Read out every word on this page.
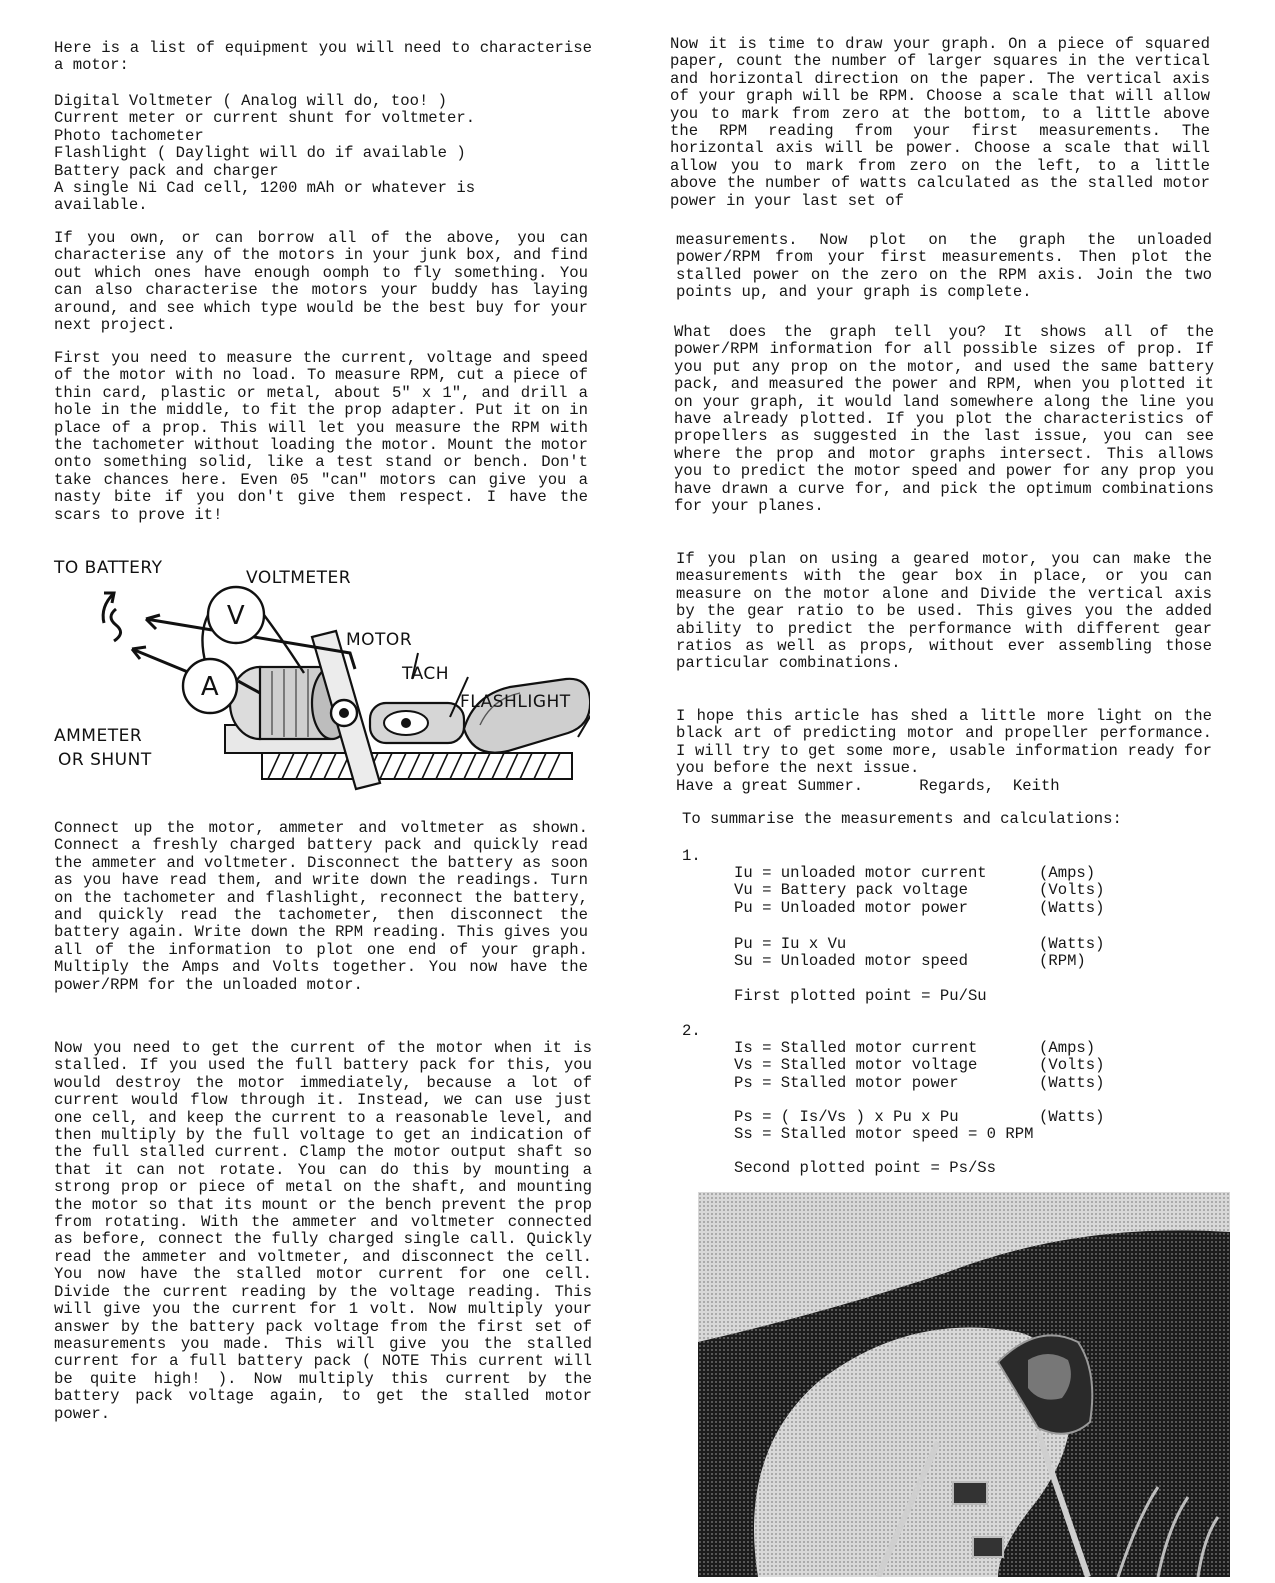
Here is a list of equipment you will need to characterise a motor:

Digital Voltmeter ( Analog will do, too! )
Current meter or current shunt for voltmeter.
Photo tachometer
Flashlight ( Daylight will do if available )
Battery pack and charger
A single Ni Cad cell, 1200 mAh or whatever is
available.

If you own, or can borrow all of the above, you can characterise any of the motors in your junk box, and find out which ones have enough oomph to fly something. You can also characterise the motors your buddy has laying around, and see which type would be the best buy for your next project.

First you need to measure the current, voltage and speed of the motor with no load. To measure RPM, cut a piece of thin card, plastic or metal, about 5" x 1", and drill a hole in the middle, to fit the prop adapter. Put it on in place of a prop. This will let you measure the RPM with the tachometer without loading the motor. Mount the motor onto something solid, like a test stand or bench. Don't take chances here. Even 05 "can" motors can give you a nasty bite if you don't give them respect. I have the scars to prove it!

V
A
TO BATTERY	VOLTMETER
MOTOR
TACH
FLASHLIGHT
AMMETER
OR SHUNT

Connect up the motor, ammeter and voltmeter as shown. Connect a freshly charged battery pack and quickly read the ammeter and voltmeter. Disconnect the battery as soon as you have read them, and write down the readings. Turn on the tachometer and flashlight, reconnect the battery, and quickly read the tachometer, then disconnect the battery again. Write down the RPM reading. This gives you all of the information to plot one end of your graph. Multiply the Amps and Volts together. You now have the power/RPM for the unloaded motor.

Now you need to get the current of the motor when it is stalled. If you used the full battery pack for this, you would destroy the motor immediately, because a lot of current would flow through it. Instead, we can use just one cell, and keep the current to a reasonable level, and then multiply by the full voltage to get an indication of the full stalled current. Clamp the motor output shaft so that it can not rotate. You can do this by mounting a strong prop or piece of metal on the shaft, and mounting the motor so that its mount or the bench prevent the prop from rotating. With the ammeter and voltmeter connected as before, connect the fully charged single call. Quickly read the ammeter and voltmeter, and disconnect the cell. You now have the stalled motor current for one cell. Divide the current reading by the voltage reading. This will give you the current for 1 volt. Now multiply your answer by the battery pack voltage from the first set of measurements you made. This will give you the stalled current for a full battery pack ( NOTE This current will be quite high! ). Now multiply this current by the battery pack voltage again, to get the stalled motor power.

Now it is time to draw your graph. On a piece of squared paper, count the number of larger squares in the vertical and horizontal direction on the paper. The vertical axis of your graph will be RPM. Choose a scale that will allow you to mark from zero at the bottom, to a little above the RPM reading from your first measurements. The horizontal axis will be power. Choose a scale that will allow you to mark from zero on the left, to a little above the number of watts calculated as the stalled motor power in your last set of

measurements. Now plot on the graph the unloaded power/RPM from your first measurements. Then plot the stalled power on the zero on the RPM axis. Join the two points up, and your graph is complete.

What does the graph tell you? It shows all of the power/RPM information for all possible sizes of prop. If you put any prop on the motor, and used the same battery pack, and measured the power and RPM, when you plotted it on your graph, it would land somewhere along the line you have already plotted. If you plot the characteristics of propellers as suggested in the last issue, you can see where the prop and motor graphs intersect. This allows you to predict the motor speed and power for any prop you have drawn a curve for, and pick the optimum combinations for your planes.

If you plan on using a geared motor, you can make the measurements with the gear box in place, or you can measure on the motor alone and Divide the vertical axis by the gear ratio to be used. This gives you the added ability to predict the performance with different gear ratios as well as props, without ever assembling those particular combinations.

I hope this article has shed a little more light on the black art of predicting motor and propeller performance. I will try to get some more, usable information ready for you before the next issue.

Have a great Summer.      Regards,  Keith
To summarise the measurements and calculations:
1.
Iu = unloaded motor current	(Amps)
Vu = Battery pack voltage	(Volts)
Pu = Unloaded motor power	(Watts)
Pu = Iu x Vu	(Watts)
Su = Unloaded motor speed	(RPM)
First plotted point = Pu/Su
2.
Is = Stalled motor current	(Amps)
Vs = Stalled motor voltage	(Volts)
Ps = Stalled motor power	(Watts)
Ps = ( Is/Vs ) x Pu x Pu	(Watts)
Ss = Stalled motor speed = 0 RPM
Second plotted point = Ps/Ss
